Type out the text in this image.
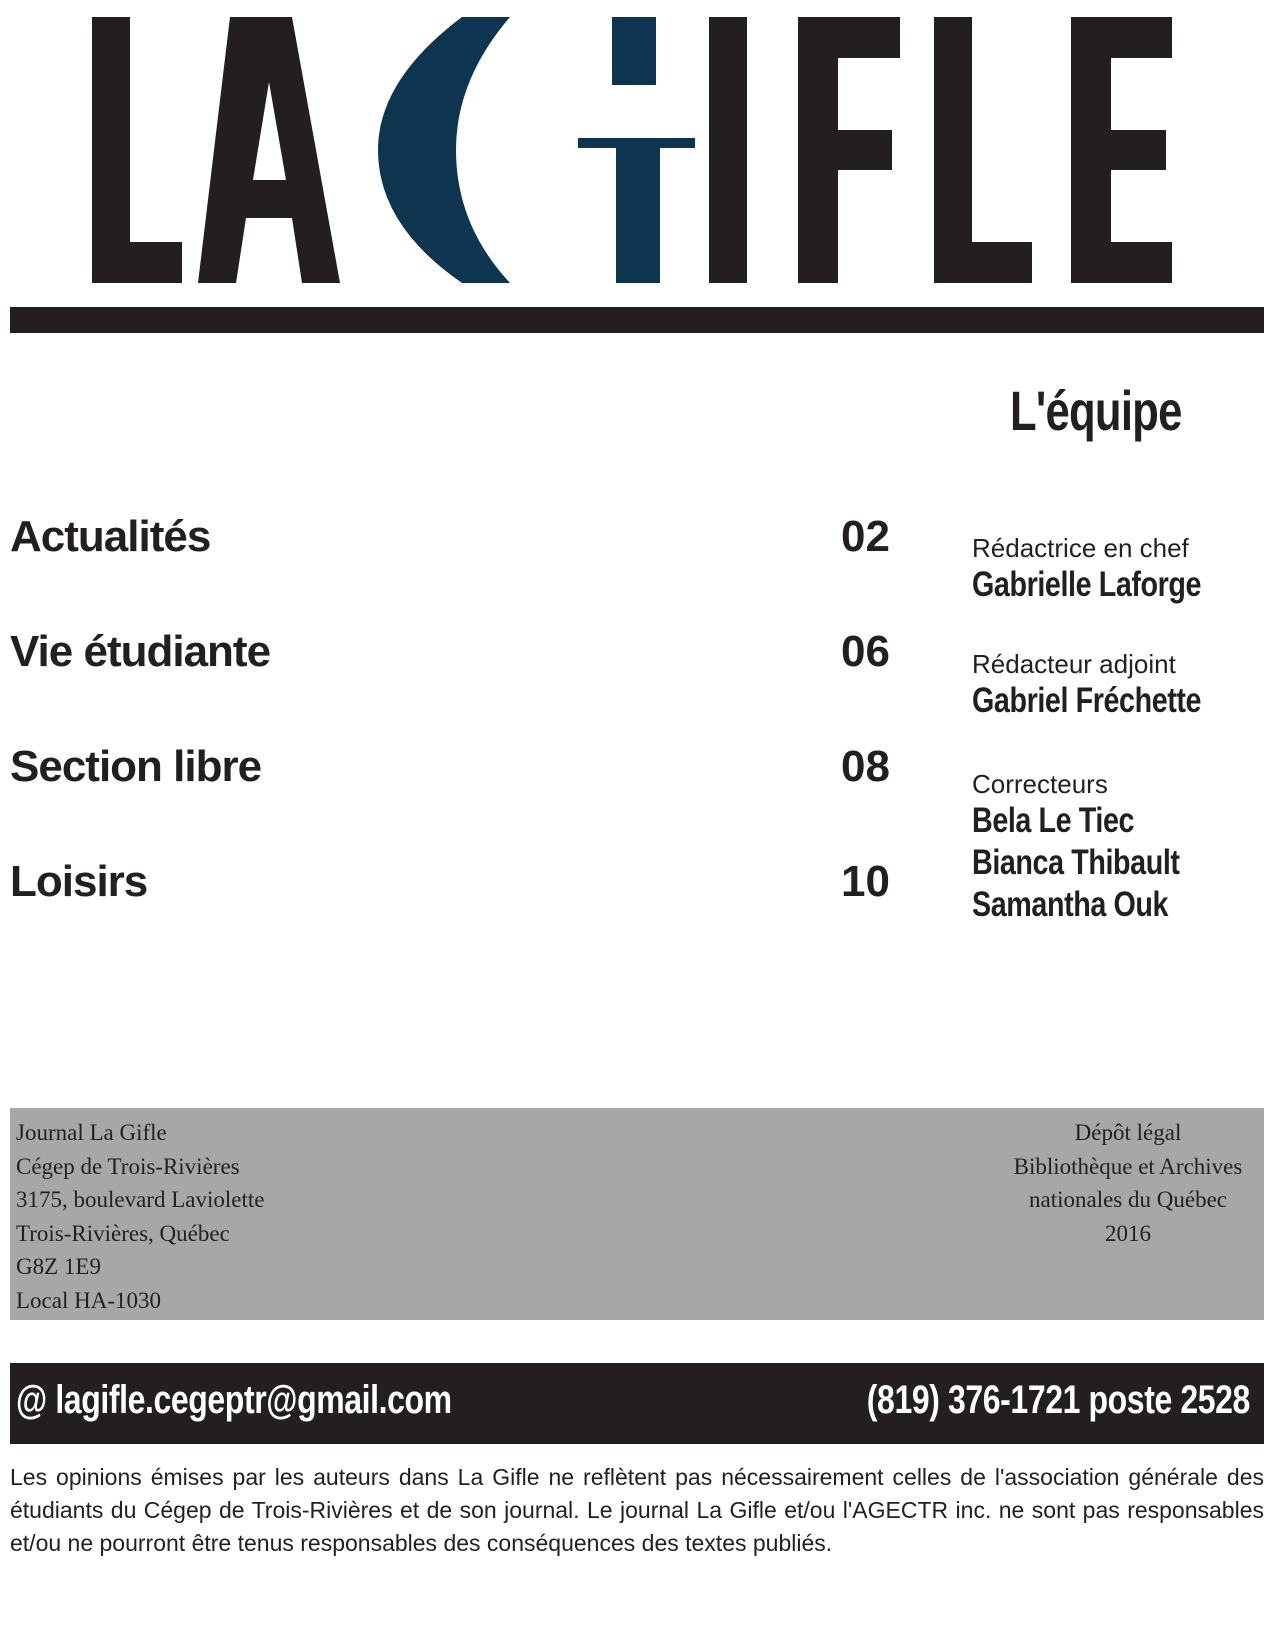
L'équipe
Actualités	02
Vie étudiante	06
Section libre	08
Loisirs	10
Rédactrice en chef
Gabrielle Laforge
Rédacteur adjoint
Gabriel Fréchette
Correcteurs
Bela Le Tiec
Bianca Thibault
Samantha Ouk
Journal La Gifle
Cégep de Trois-Rivières
3175, boulevard Laviolette
Trois-Rivières, Québec
G8Z 1E9
Local HA-1030
Dépôt légal
Bibliothèque et Archives
nationales du Québec
2016
@ lagifle.cegeptr@gmail.com	(819) 376-1721 poste 2528
Les opinions émises par les auteurs dans La Gifle ne reflètent pas nécessairement celles de l'association générale des étudiants du Cégep de Trois-Rivières et de son journal. Le journal La Gifle et/ou l'AGECTR inc. ne sont pas responsables et/ou ne pourront être tenus responsables des conséquences des textes publiés.
